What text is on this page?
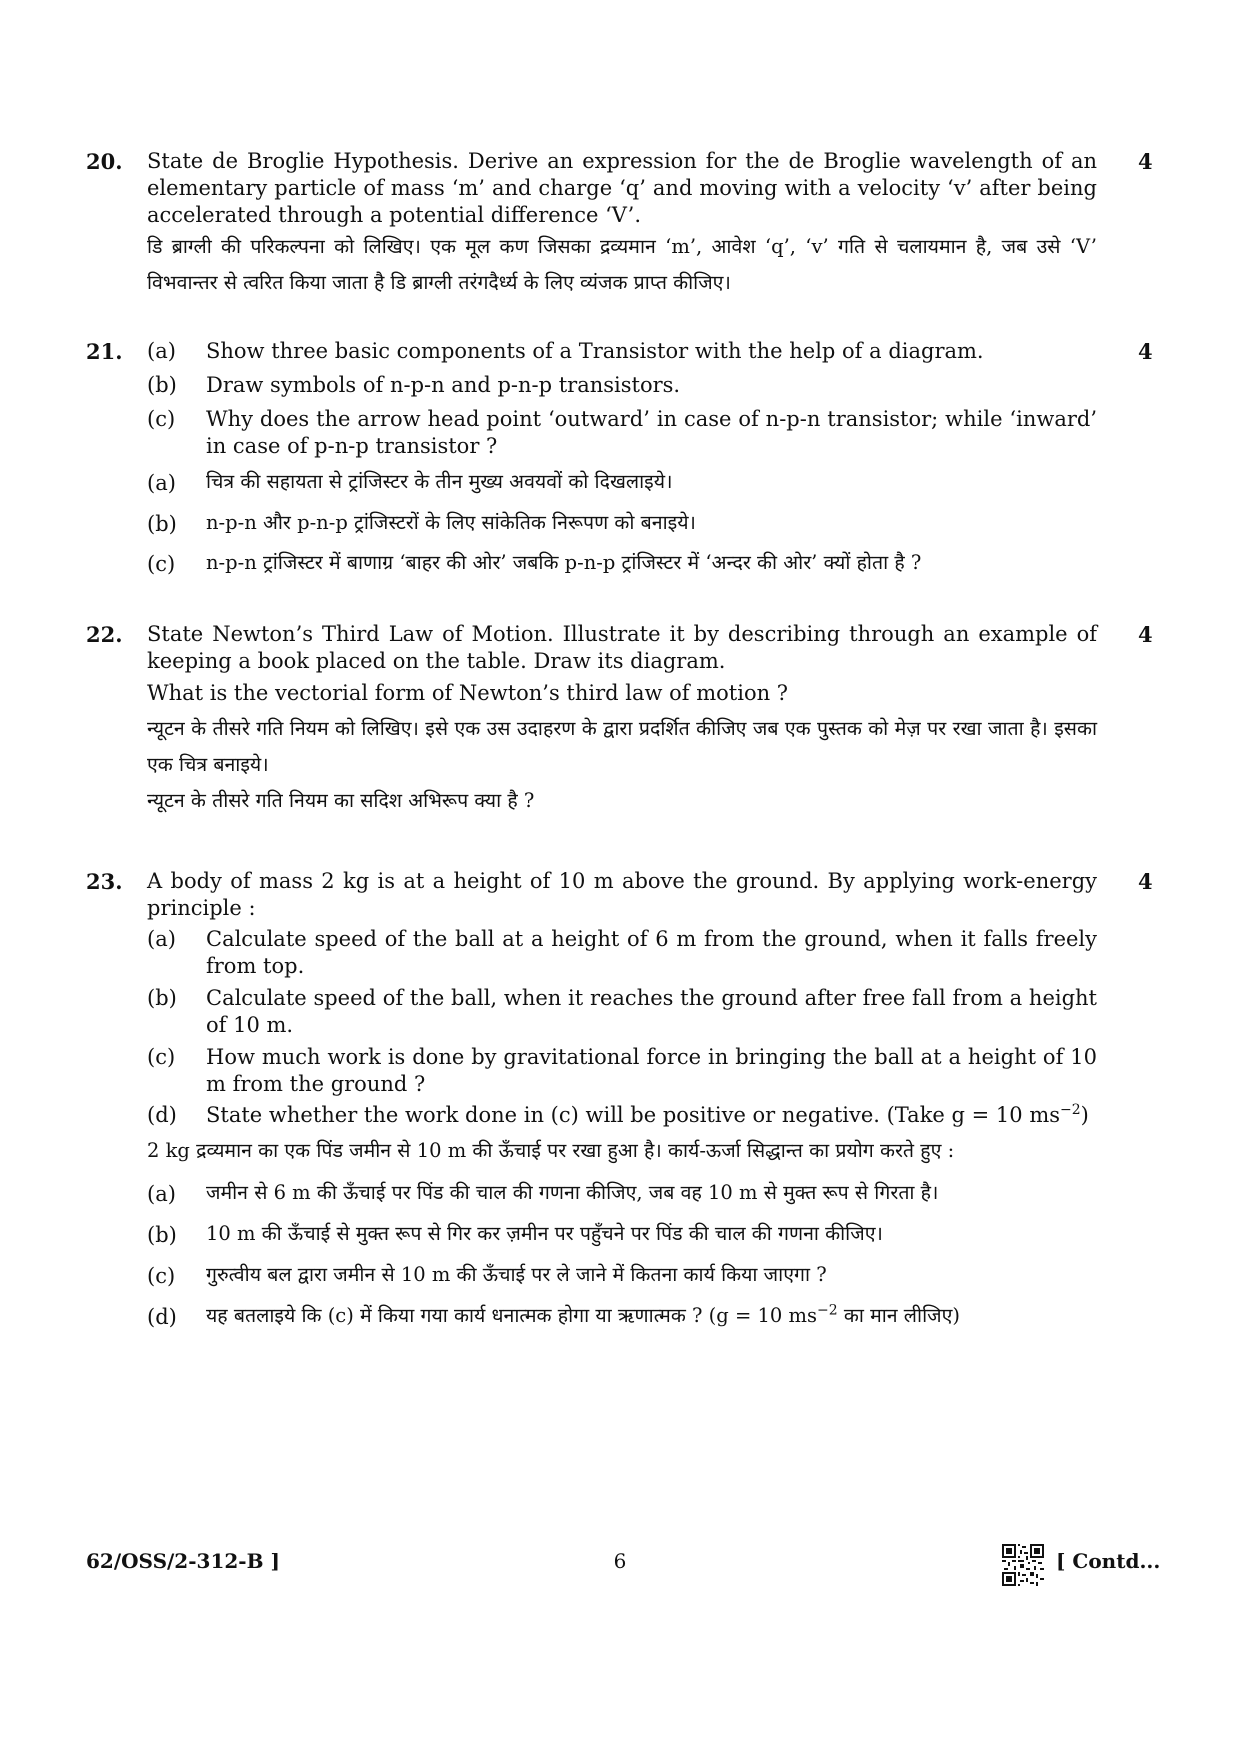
20.	State de Broglie Hypothesis. Derive an expression for the de Broglie wavelength of an elementary particle of mass ‘m’ and charge ‘q’ and moving with a velocity ‘v’ after being accelerated through a potential difference ‘V’.
4
डि ब्राग्ली की परिकल्पना को लिखिए। एक मूल कण जिसका द्रव्यमान ‘m’, आवेश ‘q’, ‘v’ गति से चलायमान है, जब उसे ‘V’ विभवान्तर से त्वरित किया जाता है डि ब्राग्ली तरंगदैर्ध्य के लिए व्यंजक प्राप्त कीजिए।
21.	4
(a)	Show three basic components of a Transistor with the help of a diagram.
(b)	Draw symbols of n-p-n and p-n-p transistors.
(c)	Why does the arrow head point ‘outward’ in case of n-p-n transistor; while ‘inward’ in case of p-n-p transistor ?
(a)	चित्र की सहायता से ट्रांजिस्टर के तीन मुख्य अवयवों को दिखलाइये।
(b)	n-p-n और p-n-p ट्रांजिस्टरों के लिए सांकेतिक निरूपण को बनाइये।
(c)	n-p-n ट्रांजिस्टर में बाणाग्र ‘बाहर की ओर’ जबकि p-n-p ट्रांजिस्टर में ‘अन्दर की ओर’ क्यों होता है ?
22.	State Newton’s Third Law of Motion. Illustrate it by describing through an example of keeping a book placed on the table. Draw its diagram.
4
What is the vectorial form of Newton’s third law of motion ?
न्यूटन के तीसरे गति नियम को लिखिए। इसे एक उस उदाहरण के द्वारा प्रदर्शित कीजिए जब एक पुस्तक को मेज़ पर रखा जाता है। इसका एक चित्र बनाइये।
न्यूटन के तीसरे गति नियम का सदिश अभिरूप क्या है ?
23.	A body of mass 2 kg is at a height of 10 m above the ground. By applying work-energy principle :
4
(a)	Calculate speed of the ball at a height of 6 m from the ground, when it falls freely from top.
(b)	Calculate speed of the ball, when it reaches the ground after free fall from a height of 10 m.
(c)	How much work is done by gravitational force in bringing the ball at a height of 10 m from the ground ?
(d)	State whether the work done in (c) will be positive or negative. (Take g = 10 $ms^{-2}$)
2 kg द्रव्यमान का एक पिंड जमीन से 10 m की ऊँचाई पर रखा हुआ है। कार्य-ऊर्जा सिद्धान्त का प्रयोग करते हुए :
(a)	जमीन से 6 m की ऊँचाई पर पिंड की चाल की गणना कीजिए, जब वह 10 m से मुक्त रूप से गिरता है।
(b)	10 m की ऊँचाई से मुक्त रूप से गिर कर ज़मीन पर पहुँचने पर पिंड की चाल की गणना कीजिए।
(c)	गुरुत्वीय बल द्वारा जमीन से 10 m की ऊँचाई पर ले जाने में कितना कार्य किया जाएगा ?
(d)	यह बतलाइये कि (c) में किया गया कार्य धनात्मक होगा या ऋणात्मक ? (g = 10 $ms^{-2}$ का मान लीजिए)
62/OSS/2-312-B ]	6	[ Contd...
